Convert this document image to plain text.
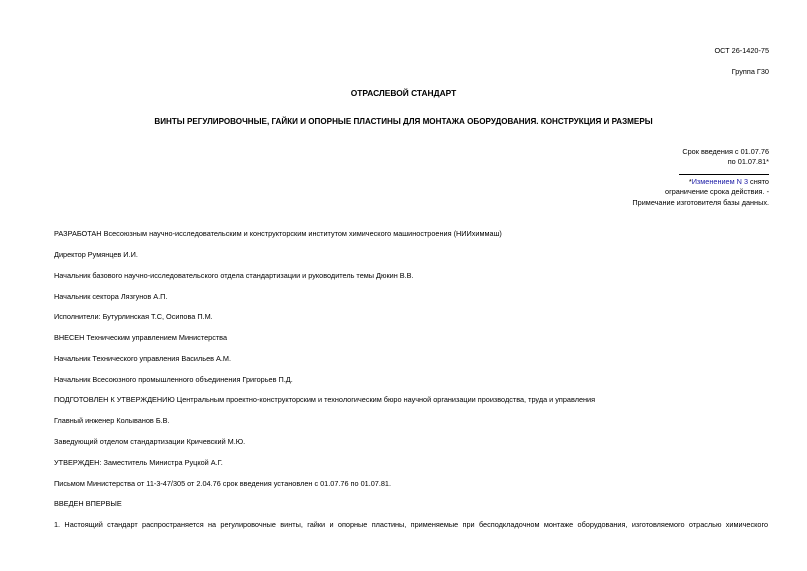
ОСТ 26-1420-75
Группа Г30
ОТРАСЛЕВОЙ СТАНДАРТ
ВИНТЫ РЕГУЛИРОВОЧНЫЕ, ГАЙКИ И ОПОРНЫЕ ПЛАСТИНЫ ДЛЯ МОНТАЖА ОБОРУДОВАНИЯ. КОНСТРУКЦИЯ И РАЗМЕРЫ
Срок введения с 01.07.76
по 01.07.81*
*Изменением N 3 снято
ограничение срока действия. -
Примечание изготовителя базы данных.
РАЗРАБОТАН Всесоюзным научно-исследовательским и конструкторским институтом химического машиностроения (НИИхиммаш)
Директор Румянцев И.И.
Начальник базового научно-исследовательского отдела стандартизации и руководитель темы Дюкин В.В.
Начальник сектора Лязгунов А.П.
Исполнители: Бутурлинская Т.С, Осипова П.М.
ВНЕСЕН Техническим управлением Министерства
Начальник Технического управления Васильев А.М.
Начальник Всесоюзного промышленного объединения Григорьев П.Д.
ПОДГОТОВЛЕН К УТВЕРЖДЕНИЮ Центральным проектно-конструкторским и технологическим бюро научной организации производства, труда и управления
Главный инженер Колыванов Б.В.
Заведующий отделом стандартизации Кричевский М.Ю.
УТВЕРЖДЕН: Заместитель Министра Руцкой А.Г.
Письмом Министерства от 11-3-47/305 от 2.04.76 срок введения установлен с 01.07.76 по 01.07.81.
ВВЕДЕН ВПЕРВЫЕ
1. Настоящий стандарт распространяется на регулировочные винты, гайки и опорные пластины, применяемые при бесподкладочном монтаже оборудования, изготовляемого отраслью химического
